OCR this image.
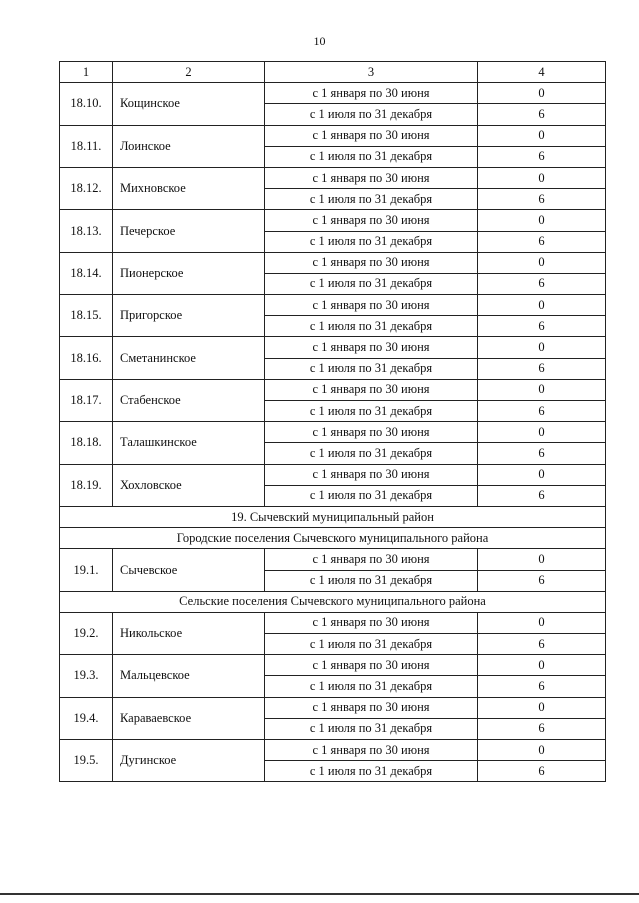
10
1	2	3	4
18.10.	Кощинское	с 1 января по 30 июня	0
		с 1 июля по 31 декабря	6
18.11.	Лоинское	с 1 января по 30 июня	0
		с 1 июля по 31 декабря	6
18.12.	Михновское	с 1 января по 30 июня	0
		с 1 июля по 31 декабря	6
18.13.	Печерское	с 1 января по 30 июня	0
		с 1 июля по 31 декабря	6
18.14.	Пионерское	с 1 января по 30 июня	0
		с 1 июля по 31 декабря	6
18.15.	Пригорское	с 1 января по 30 июня	0
		с 1 июля по 31 декабря	6
18.16.	Сметанинское	с 1 января по 30 июня	0
		с 1 июля по 31 декабря	6
18.17.	Стабенское	с 1 января по 30 июня	0
		с 1 июля по 31 декабря	6
18.18.	Талашкинское	с 1 января по 30 июня	0
		с 1 июля по 31 декабря	6
18.19.	Хохловское	с 1 января по 30 июня	0
		с 1 июля по 31 декабря	6
19. Сычевский муниципальный район			
Городские поселения Сычевского муниципального района			
19.1.	Сычевское	с 1 января по 30 июня	0
		с 1 июля по 31 декабря	6
Сельские поселения Сычевского муниципального района			
19.2.	Никольское	с 1 января по 30 июня	0
		с 1 июля по 31 декабря	6
19.3.	Мальцевское	с 1 января по 30 июня	0
		с 1 июля по 31 декабря	6
19.4.	Караваевское	с 1 января по 30 июня	0
		с 1 июля по 31 декабря	6
19.5.	Дугинское	с 1 января по 30 июня	0
		с 1 июля по 31 декабря	6
